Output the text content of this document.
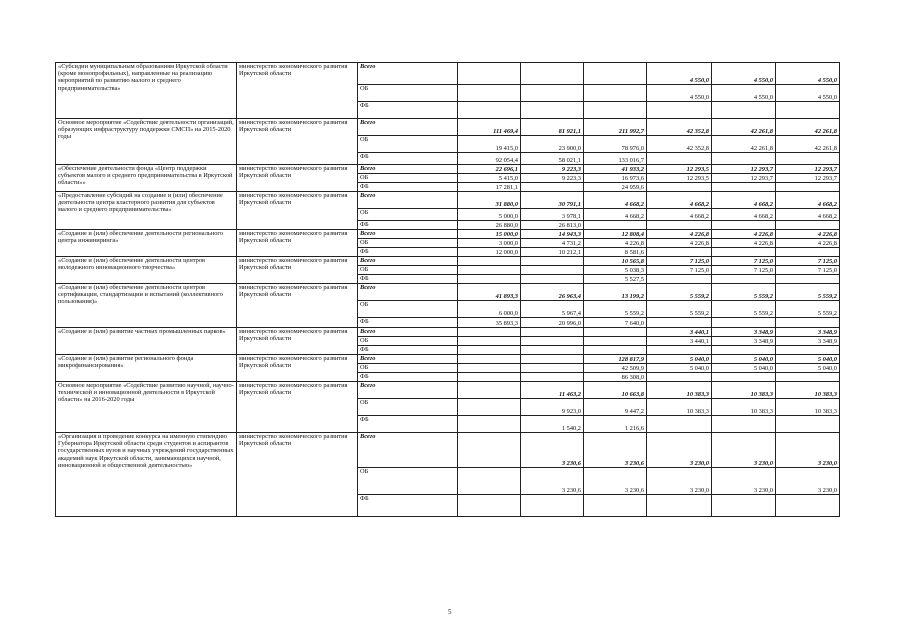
«Субсидии муниципальным образованиям Иркутской области (кроме монопрофильных), направленные на реализацию мероприятий по развитию малого и среднего предпринимательства»	министерство экономического развития Иркутской области	Всего				4 550,0	4 550,0	4 550,0
		ОБ				4 550,0	4 550,0	4 550,0
		ФБ						
Основное мероприятие «Содействие деятельности организаций, образующих инфраструктуру поддержки СМСП» на 2015-2020 годы	министерство экономического развития Иркутской области	Всего	111 469,4	81 921,1	211 992,7	42 352,8	42 261,8	42 261,8
		ОБ	19 415,0	23 900,0	78 976,0	42 352,8	42 261,8	42 261,8
		ФБ	92 054,4	58 021,1	133 016,7			
«Обеспечение деятельности фонда «Центр поддержки субъектов малого и среднего предпринимательства в Иркутской области»»	министерство экономического развития Иркутской области	Всего	22 696,1	9 223,3	41 933,2	12 293,5	12 293,7	12 293,7
		ОБ	5 415,0	9 223,3	16 973,6	12 293,5	12 293,7	12 293,7
		ФБ	17 281,1		24 959,6			
«Предоставление субсидий на создание и (или) обеспечение деятельности центра кластерного развития для субъектов малого и среднего предпринимательства»	министерство экономического развития Иркутской области	Всего	31 880,0	30 791,1	4 668,2	4 668,2	4 668,2	4 668,2
		ОБ	5 000,0	3 978,1	4 668,2	4 668,2	4 668,2	4 668,2
		ФБ	26 880,0	26 813,0				
«Создание и (или) обеспечение деятельности регионального центра инжиниринга»	министерство экономического развития Иркутской области	Всего	15 000,0	14 943,3	12 808,4	4 226,8	4 226,8	4 226,8
		ОБ	3 000,0	4 731,2	4 226,8	4 226,8	4 226,8	4 226,8
		ФБ	12 000,0	10 212,1	8 581,6			
«Создание и (или) обеспечение деятельности центров молодежного инновационного творчества»	министерство экономического развития Иркутской области	Всего			10 565,8	7 125,0	7 125,0	7 125,0
		ОБ			5 038,3	7 125,0	7 125,0	7 125,0
		ФБ			5 527,5			
«Создание и (или) обеспечение деятельности центров сертификации, стандартизации и испытаний (коллективного пользования)»	министерство экономического развития Иркутской области	Всего	41 893,3	26 963,4	13 199,2	5 559,2	5 559,2	5 559,2
		ОБ	6 000,0	5 967,4	5 559,2	5 559,2	5 559,2	5 559,2
		ФБ	35 893,3	20 996,0	7 640,0			
«Создание и (или) развитие частных промышленных парков»	министерство экономического развития Иркутской области	Всего				3 440,1	3 348,9	3 348,9
		ОБ				3 440,1	3 348,9	3 348,9
		ФБ						
«Создание и (или) развитие регионального фонда микрофинансирования»	министерство экономического развития Иркутской области	Всего			128 817,9	5 040,0	5 040,0	5 040,0
		ОБ			42 509,9	5 040,0	5 040,0	5 040,0
		ФБ			86 308,0			
Основное мероприятие «Содействие развитию научной, научно-технической и инновационной деятельности в Иркутской области» на 2016-2020 годы	министерство экономического развития Иркутской области	Всего		11 463,2	10 663,8	10 383,3	10 383,3	10 383,3
		ОБ		9 923,0	9 447,2	10 383,3	10 383,3	10 383,3
		ФБ		1 540,2	1 216,6			
«Организация и проведение конкурса на именную стипендию Губернатора Иркутской области среди студентов и аспирантов государственных вузов и научных учреждений государственных академий наук Иркутской области, занимающихся научной, инновационной и общественной деятельностью»	министерство экономического развития Иркутской области	Всего		3 230,6	3 230,6	3 230,0	3 230,0	3 230,0
		ОБ		3 230,6	3 230,6	3 230,0	3 230,0	3 230,0
		ФБ						
5
